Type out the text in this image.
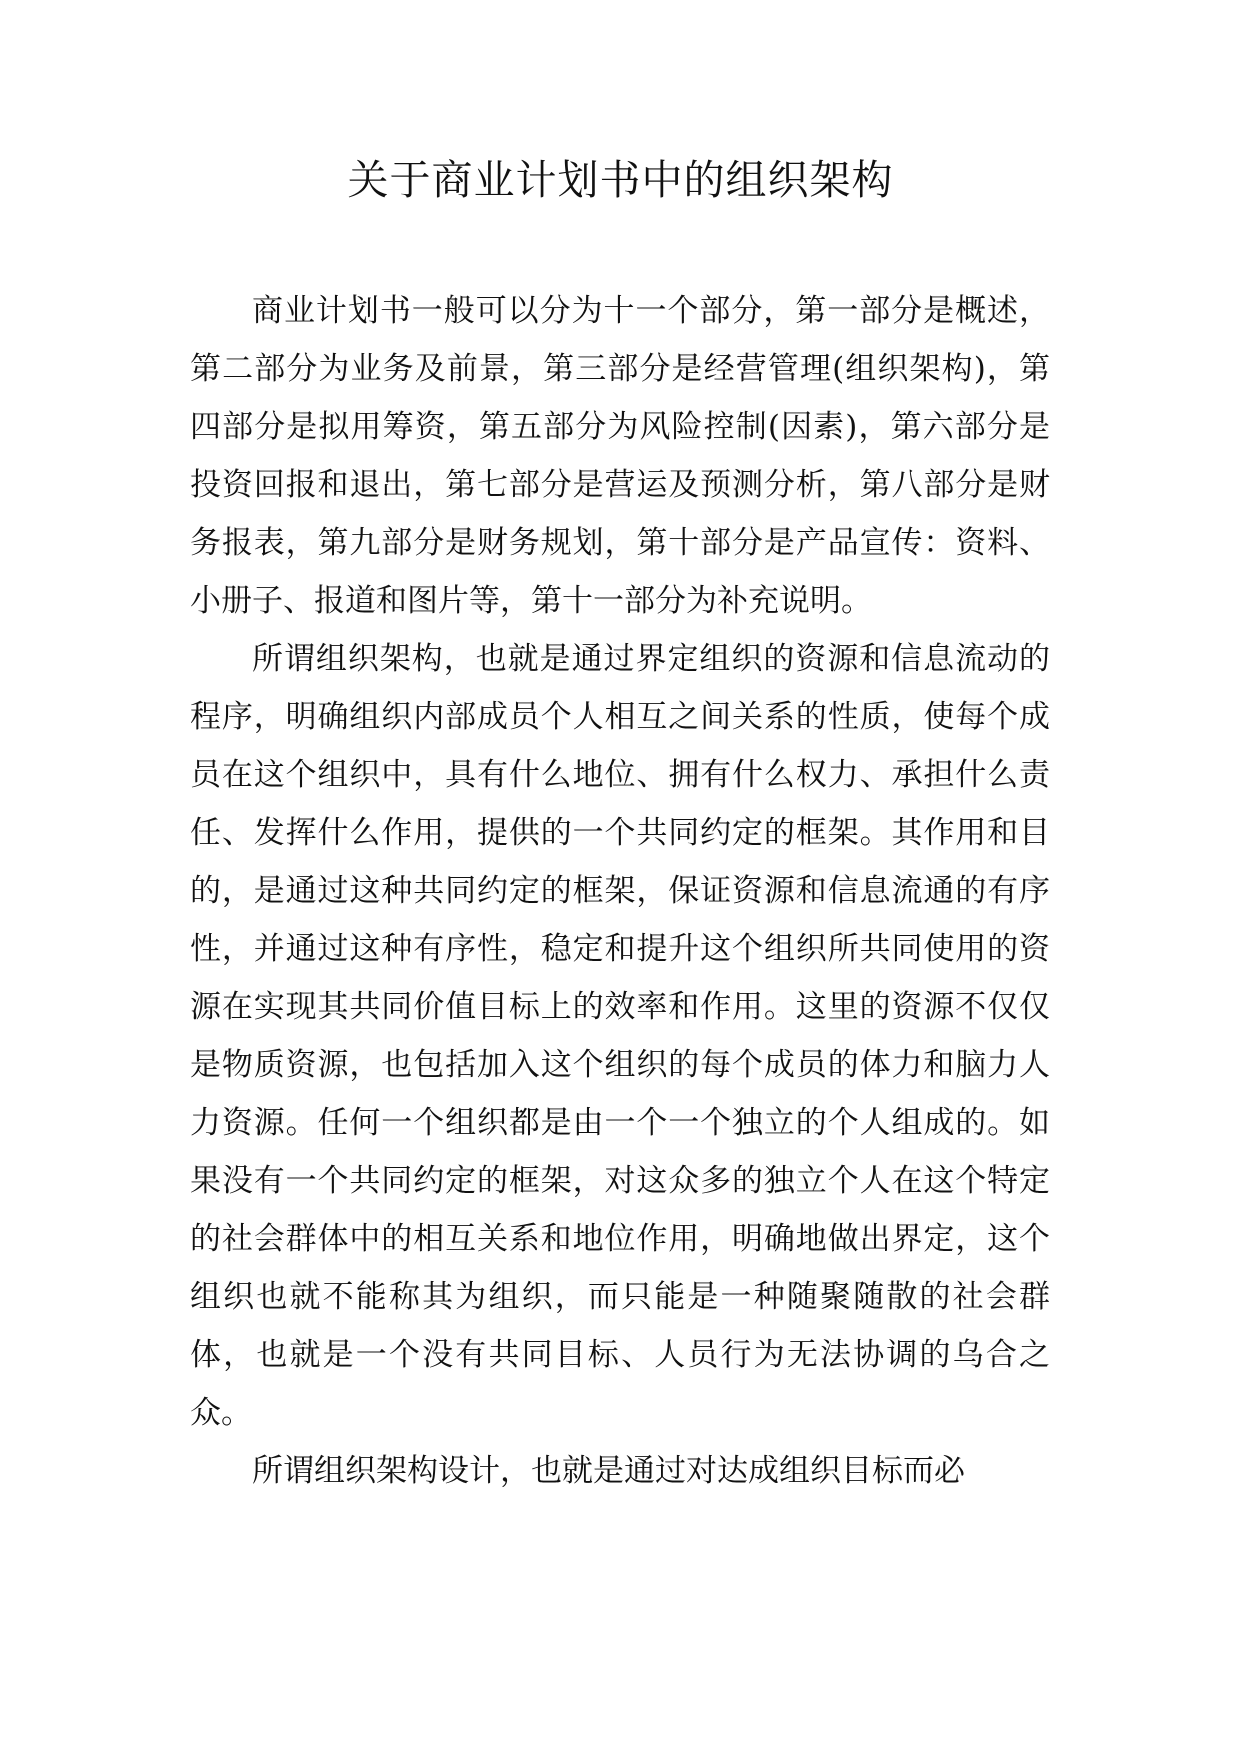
关于商业计划书中的组织架构

商业计划书一般可以分为十一个部分，第一部分是概述，第二部分为业务及前景，第三部分是经营管理(组织架构)，第四部分是拟用筹资，第五部分为风险控制(因素)，第六部分是投资回报和退出，第七部分是营运及预测分析，第八部分是财务报表，第九部分是财务规划，第十部分是产品宣传：资料、小册子、报道和图片等，第十一部分为补充说明。

所谓组织架构，也就是通过界定组织的资源和信息流动的程序，明确组织内部成员个人相互之间关系的性质，使每个成员在这个组织中，具有什么地位、拥有什么权力、承担什么责任、发挥什么作用，提供的一个共同约定的框架。其作用和目的，是通过这种共同约定的框架，保证资源和信息流通的有序性，并通过这种有序性，稳定和提升这个组织所共同使用的资源在实现其共同价值目标上的效率和作用。这里的资源不仅仅是物质资源，也包括加入这个组织的每个成员的体力和脑力人力资源。任何一个组织都是由一个一个独立的个人组成的。如果没有一个共同约定的框架，对这众多的独立个人在这个特定的社会群体中的相互关系和地位作用，明确地做出界定，这个组织也就不能称其为组织，而只能是一种随聚随散的社会群体，也就是一个没有共同目标、人员行为无法协调的乌合之众。

所谓组织架构设计，也就是通过对达成组织目标而必
